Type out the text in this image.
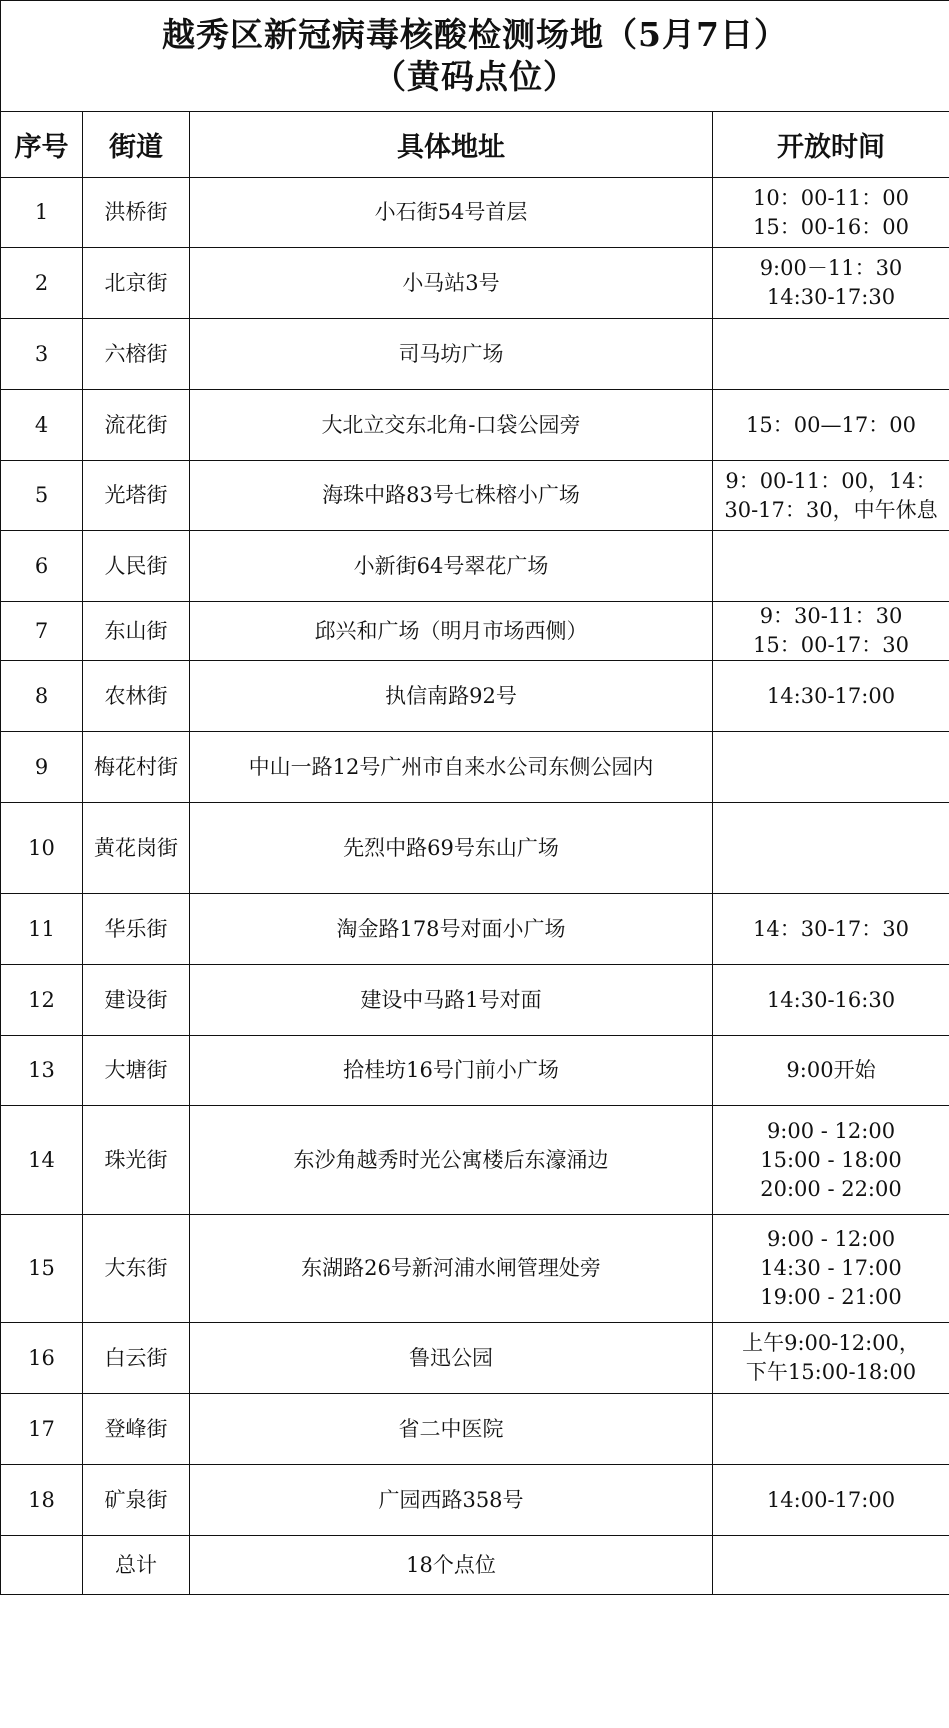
越秀区新冠病毒核酸检测场地（5月7日）
（黄码点位）			

序号	街道	具体地址	开放时间
1	洪桥街	小石街54号首层	10：00-11：00
15：00-16：00

2	北京街	小马站3号	9:00－11：30
14:30-17:30

3	六榕街	司马坊广场	
4	流花街	大北立交东北角-口袋公园旁	15：00—17：00

5	光塔街	海珠中路83号七株榕小广场	9：00-11：00，14：
30-17：30，中午休息

6	人民街	小新街64号翠花广场	
7	东山街	邱兴和广场（明月市场西侧）	9：30-11：30
15：00-17：30

8	农林街	执信南路92号	14:30-17:00

9	梅花村街	中山一路12号广州市自来水公司东侧公园内	
10	黄花岗街	先烈中路69号东山广场	
11	华乐街	淘金路178号对面小广场	14：30-17：30

12	建设街	建设中马路1号对面	14:30-16:30

13	大塘街	拾桂坊16号门前小广场	9:00开始

14	珠光街	东沙角越秀时光公寓楼后东濠涌边	9:00 - 12:00
15:00 - 18:00
20:00 - 22:00

15	大东街	东湖路26号新河浦水闸管理处旁	9:00 - 12:00
14:30 - 17:00
19:00 - 21:00

16	白云街	鲁迅公园	上午9:00-12:00，
下午15:00-18:00

17	登峰街	省二中医院	
18	矿泉街	广园西路358号	14:00-17:00

	总计	18个点位	
